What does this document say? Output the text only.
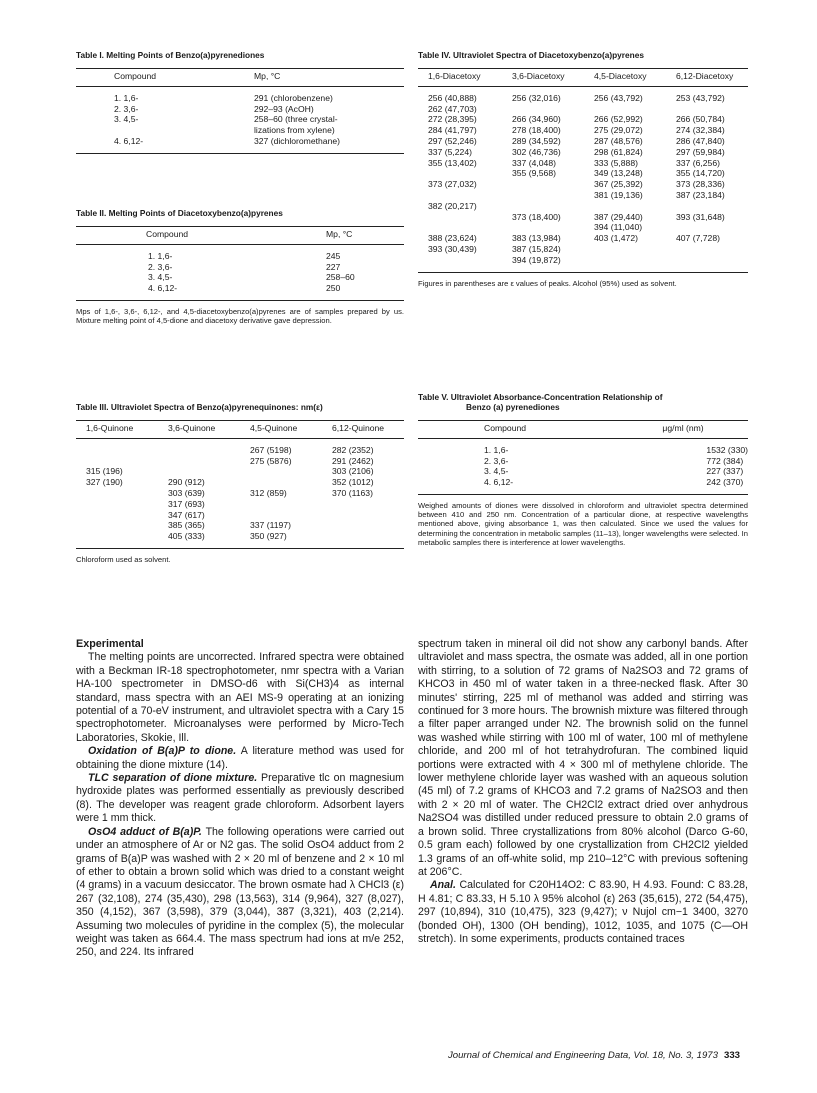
Table I. Melting Points of Benzo(a)pyrenediones

Compound	Mp, °C
1. 1,6-	291 (chlorobenzene)
2. 3,6-	292–93 (AcOH)
3. 4,5-	258–60 (three crystal-
	lizations from xylene)
4. 6,12-	327 (dichloromethane)

Table II. Melting Points of Diacetoxybenzo(a)pyrenes

Compound	Mp, °C
1. 1,6-	245
2. 3,6-	227
3. 4,5-	258–60
4. 6,12-	250

Mps of 1,6-, 3,6-, 6,12-, and 4,5-diacetoxybenzo(a)pyrenes are of samples prepared by us. Mixture melting point of 4,5-dione and diacetoxy derivative gave depression.

Table III. Ultraviolet Spectra of Benzo(a)pyrenequinones: nm(ε)

1,6-Quinone	3,6-Quinone	4,5-Quinone	6,12-Quinone
		267 (5198)	282 (2352)
		275 (5876)	291 (2462)
315 (196)			303 (2106)
327 (190)	290 (912)		352 (1012)
	303 (639)	312 (859)	370 (1163)
	317 (693)		
	347 (617)		
	385 (365)	337 (1197)	
	405 (333)	350 (927)	

Chloroform used as solvent.

Table IV. Ultraviolet Spectra of Diacetoxybenzo(a)pyrenes

1,6-Diacetoxy	3,6-Diacetoxy	4,5-Diacetoxy	6,12-Diacetoxy
256 (40,888)	256 (32,016)	256 (43,792)	253 (43,792)
262 (47,703)			
272 (28,395)	266 (34,960)	266 (52,992)	266 (50,784)
284 (41,797)	278 (18,400)	275 (29,072)	274 (32,384)
297 (52,246)	289 (34,592)	287 (48,576)	286 (47,840)
337 (5,224)	302 (46,736)	298 (61,824)	297 (59,984)
355 (13,402)	337 (4,048)	333 (5,888)	337 (6,256)
	355 (9,568)	349 (13,248)	355 (14,720)
373 (27,032)		367 (25,392)	373 (28,336)
		381 (19,136)	387 (23,184)
382 (20,217)			
	373 (18,400)	387 (29,440)	393 (31,648)
		394 (11,040)	
388 (23,624)	383 (13,984)	403 (1,472)	407 (7,728)
393 (30,439)	387 (15,824)		
	394 (19,872)		

Figures in parentheses are ε values of peaks. Alcohol (95%) used as solvent.

Table V. Ultraviolet Absorbance-Concentration Relationship of

Benzo (a) pyrenediones

Compound	μg/ml (nm)
1. 1,6-	1532 (330)
2. 3,6-	772 (384)
3. 4,5-	227 (337)
4. 6,12-	242 (370)

Weighed amounts of diones were dissolved in chloroform and ultraviolet spectra determined between 410 and 250 nm. Concentration of a particular dione, at respective wavelengths mentioned above, giving absorbance 1, was then calculated. Since we used the values for determining the concentration in metabolic samples (11–13), longer wavelengths were selected. In metabolic samples there is interference at lower wavelengths.

Experimental

The melting points are uncorrected. Infrared spectra were obtained with a Beckman IR-18 spectrophotometer, nmr spectra with a Varian HA-100 spectrometer in DMSO-d6 with Si(CH3)4 as internal standard, mass spectra with an AEI MS-9 operating at an ionizing potential of a 70-eV instrument, and ultraviolet spectra with a Cary 15 spectrophotometer. Microanalyses were performed by Micro-Tech Laboratories, Skokie, Ill.

Oxidation of B(a)P to dione. A literature method was used for obtaining the dione mixture (14).

TLC separation of dione mixture. Preparative tlc on magnesium hydroxide plates was performed essentially as previously described (8). The developer was reagent grade chloroform. Adsorbent layers were 1 mm thick.

OsO4 adduct of B(a)P. The following operations were carried out under an atmosphere of Ar or N2 gas. The solid OsO4 adduct from 2 grams of B(a)P was washed with 2 × 20 ml of benzene and 2 × 10 ml of ether to obtain a brown solid which was dried to a constant weight (4 grams) in a vacuum desiccator. The brown osmate had λ CHCl3 (ε) 267 (32,108), 274 (35,430), 298 (13,563), 314 (9,964), 327 (8,027), 350 (4,152), 367 (3,598), 379 (3,044), 387 (3,321), 403 (2,214). Assuming two molecules of pyridine in the complex (5), the molecular weight was taken as 664.4. The mass spectrum had ions at m/e 252, 250, and 224. Its infrared

spectrum taken in mineral oil did not show any carbonyl bands. After ultraviolet and mass spectra, the osmate was added, all in one portion with stirring, to a solution of 72 grams of Na2SO3 and 72 grams of KHCO3 in 450 ml of water taken in a three-necked flask. After 30 minutes' stirring, 225 ml of methanol was added and stirring was continued for 3 more hours. The brownish mixture was filtered through a filter paper arranged under N2. The brownish solid on the funnel was washed while stirring with 100 ml of water, 100 ml of methylene chloride, and 200 ml of hot tetrahydrofuran. The combined liquid portions were extracted with 4 × 300 ml of methylene chloride. The lower methylene chloride layer was washed with an aqueous solution (45 ml) of 7.2 grams of KHCO3 and 7.2 grams of Na2SO3 and then with 2 × 20 ml of water. The CH2Cl2 extract dried over anhydrous Na2SO4 was distilled under reduced pressure to obtain 2.0 grams of a brown solid. Three crystallizations from 80% alcohol (Darco G-60, 0.5 gram each) followed by one crystallization from CH2Cl2 yielded 1.3 grams of an off-white solid, mp 210–12°C with previous softening at 206°C.

Anal. Calculated for C20H14O2: C 83.90, H 4.93. Found: C 83.28, H 4.81; C 83.33, H 5.10 λ 95% alcohol (ε) 263 (35,615), 272 (54,475), 297 (10,894), 310 (10,475), 323 (9,427); ν Nujol cm−1 3400, 3270 (bonded OH), 1300 (OH bending), 1012, 1035, and 1075 (C—OH stretch). In some experiments, products contained traces

Journal of Chemical and Engineering Data, Vol. 18, No. 3, 1973 333
